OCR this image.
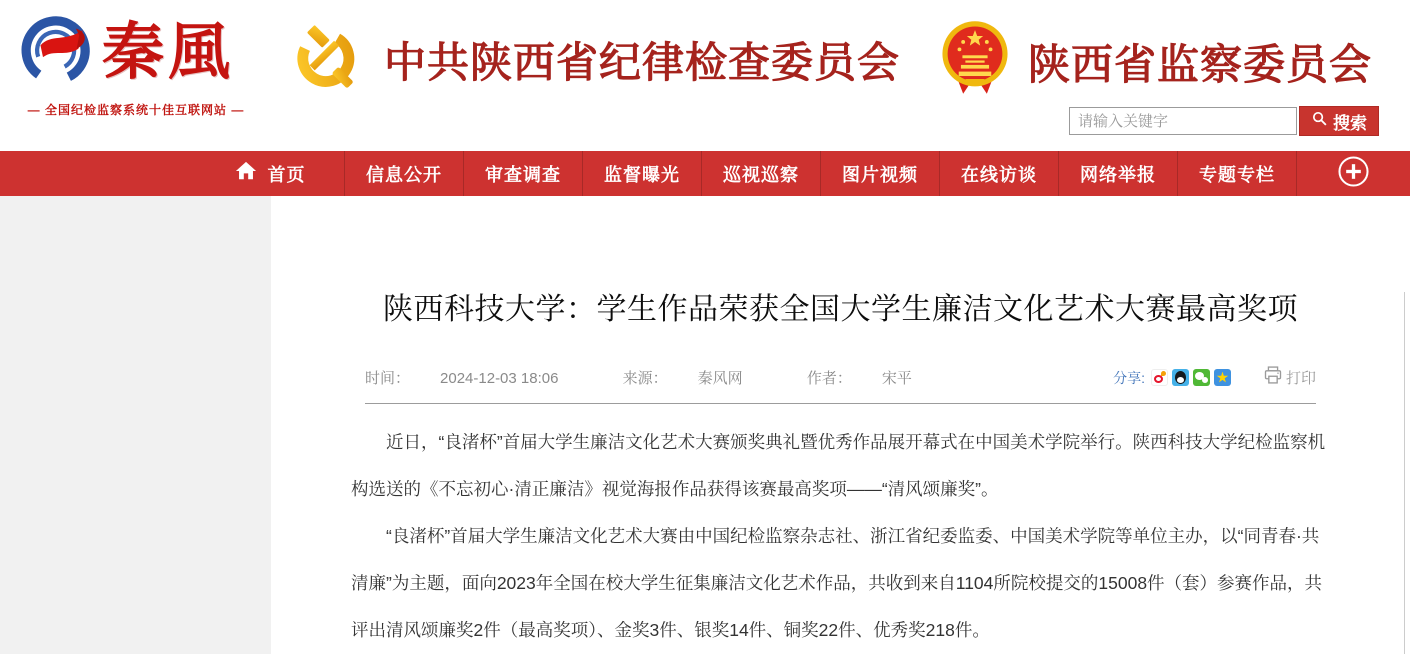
秦風
— 全国纪检监察系统十佳互联网站 —
中共陕西省纪律检查委员会	陕西省监察委员会
请输入关键字
搜索
首页	信息公开 审查调查 监督曝光 巡视巡察 图片视频 在线访谈 网络举报 专题专栏
陕西科技大学：学生作品荣获全国大学生廉洁文化艺术大赛最高奖项
时间： 2024-12-03 18:06	来源： 秦风网	作者： 宋平	分享:	打印

近日，“良渚杯”首届大学生廉洁文化艺术大赛颁奖典礼暨优秀作品展开幕式在中国美术学院举行。陕西科技大学纪检监察机构选送的《不忘初心·清正廉洁》视觉海报作品获得该赛最高奖项——“清风颂廉奖”。

“良渚杯”首届大学生廉洁文化艺术大赛由中国纪检监察杂志社、浙江省纪委监委、中国美术学院等单位主办，以“同青春·共清廉”为主题，面向2023年全国在校大学生征集廉洁文化艺术作品，共收到来自1104所院校提交的15008件（套）参赛作品，共评出清风颂廉奖2件（最高奖项）、金奖3件、银奖14件、铜奖22件、优秀奖218件。
